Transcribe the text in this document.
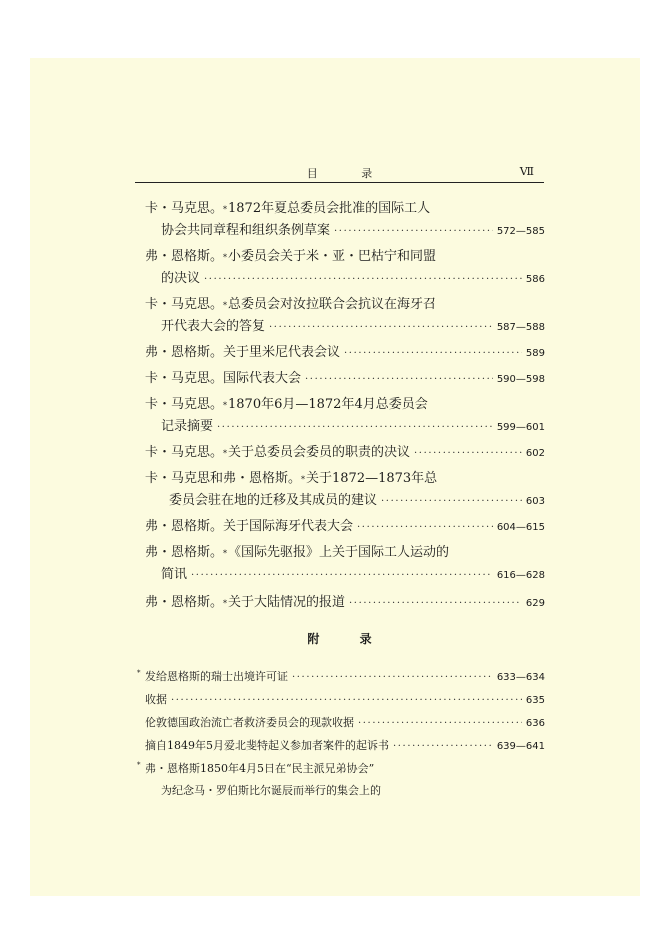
目 录	Ⅶ
卡・马克思。 * 1872年夏总委员会批准的国际工人
协会共同章程和组织条例草案 ·····	572—585
弗・恩格斯。 * 小委员会关于米・亚・巴枯宁和同盟
的决议 ·····	586
卡・马克思。 * 总委员会对汝拉联合会抗议在海牙召
开代表大会的答复 ·····	587—588
弗・恩格斯。 关于里米尼代表会议 ·····	589
卡・马克思。 国际代表大会 ·····	590—598
卡・马克思。 * 1870年6月—1872年4月总委员会
记录摘要 ·····	599—601
卡・马克思。 * 关于总委员会委员的职责的决议 ·····	602
卡・马克思和弗・恩格斯。 * 关于1872—1873年总
委员会驻在地的迁移及其成员的建议 ·····	603
弗・恩格斯。 关于国际海牙代表大会 ·····	604—615
弗・恩格斯。 * 《国际先驱报》上关于国际工人运动的
简讯 ·····	616—628
弗・恩格斯。 * 关于大陆情况的报道 ·····	629
附 录
* 发给恩格斯的瑞士出境许可证 ·····	633—634
收据 ·····	635
伦敦德国政治流亡者救济委员会的现款收据 ·····	636
摘自1849年5月爱北斐特起义参加者案件的起诉书 ·····	639—641
* 弗・恩格斯1850年4月5日在“民主派兄弟协会”
为纪念马・罗伯斯比尔诞辰而举行的集会上的
